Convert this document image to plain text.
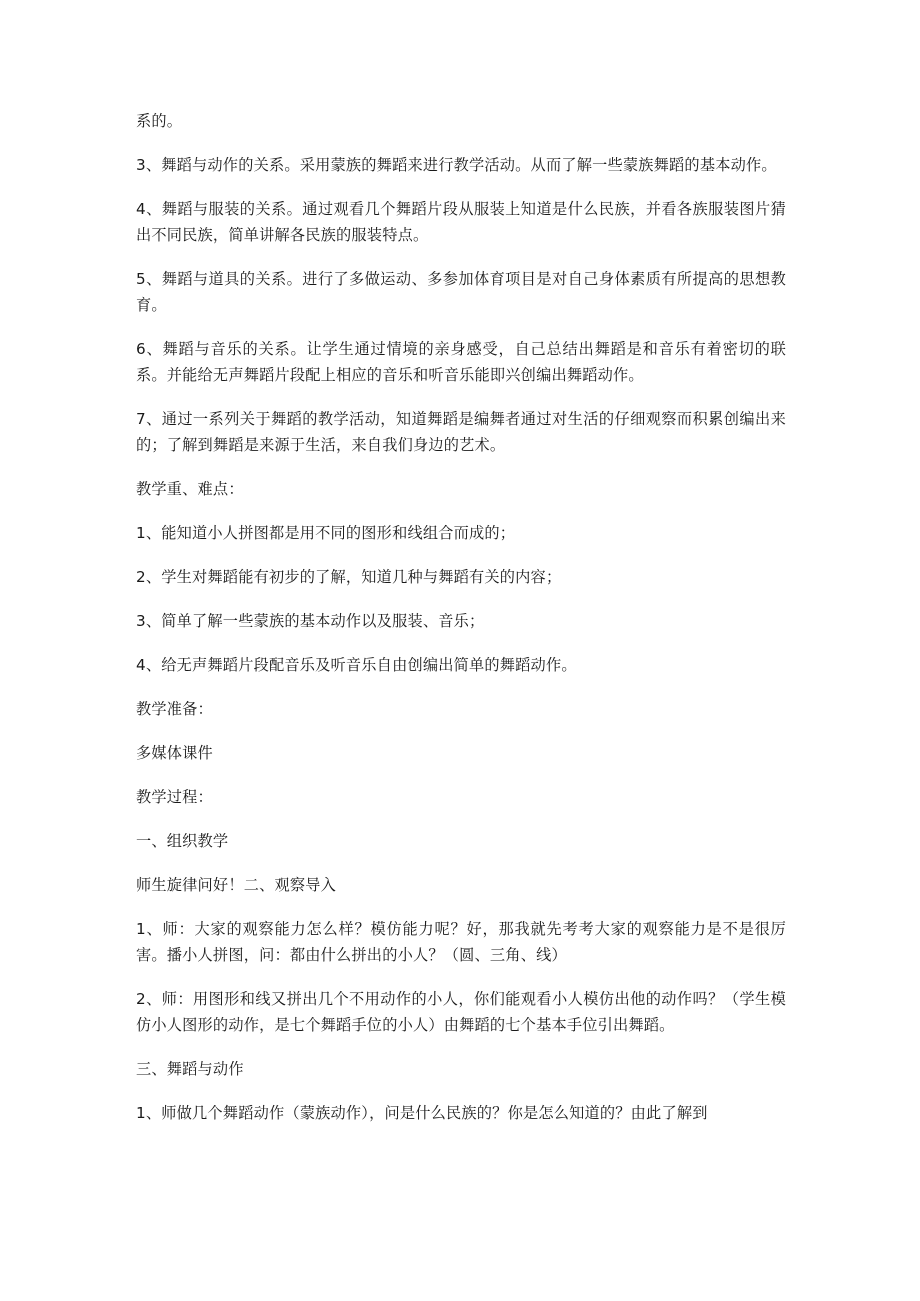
系的。

3、舞蹈与动作的关系。采用蒙族的舞蹈来进行教学活动。从而了解一些蒙族舞蹈的基本动作。

4、舞蹈与服装的关系。通过观看几个舞蹈片段从服装上知道是什么民族，并看各族服装图片猜出不同民族，简单讲解各民族的服装特点。

5、舞蹈与道具的关系。进行了多做运动、多参加体育项目是对自己身体素质有所提高的思想教育。

6、舞蹈与音乐的关系。让学生通过情境的亲身感受，自己总结出舞蹈是和音乐有着密切的联系。并能给无声舞蹈片段配上相应的音乐和听音乐能即兴创编出舞蹈动作。

7、通过一系列关于舞蹈的教学活动，知道舞蹈是编舞者通过对生活的仔细观察而积累创编出来的；了解到舞蹈是来源于生活，来自我们身边的艺术。

教学重、难点：

1、能知道小人拼图都是用不同的图形和线组合而成的；

2、学生对舞蹈能有初步的了解，知道几种与舞蹈有关的内容；

3、简单了解一些蒙族的基本动作以及服装、音乐；

4、给无声舞蹈片段配音乐及听音乐自由创编出简单的舞蹈动作。

教学准备：

多媒体课件

教学过程：

一、组织教学

师生旋律问好！二、观察导入

1、师：大家的观察能力怎么样？模仿能力呢？好，那我就先考考大家的观察能力是不是很厉害。播小人拼图，问：都由什么拼出的小人？（圆、三角、线）

2、师：用图形和线又拼出几个不用动作的小人，你们能观看小人模仿出他的动作吗？（学生模仿小人图形的动作，是七个舞蹈手位的小人）由舞蹈的七个基本手位引出舞蹈。

三、舞蹈与动作

1、师做几个舞蹈动作（蒙族动作），问是什么民族的？你是怎么知道的？由此了解到
